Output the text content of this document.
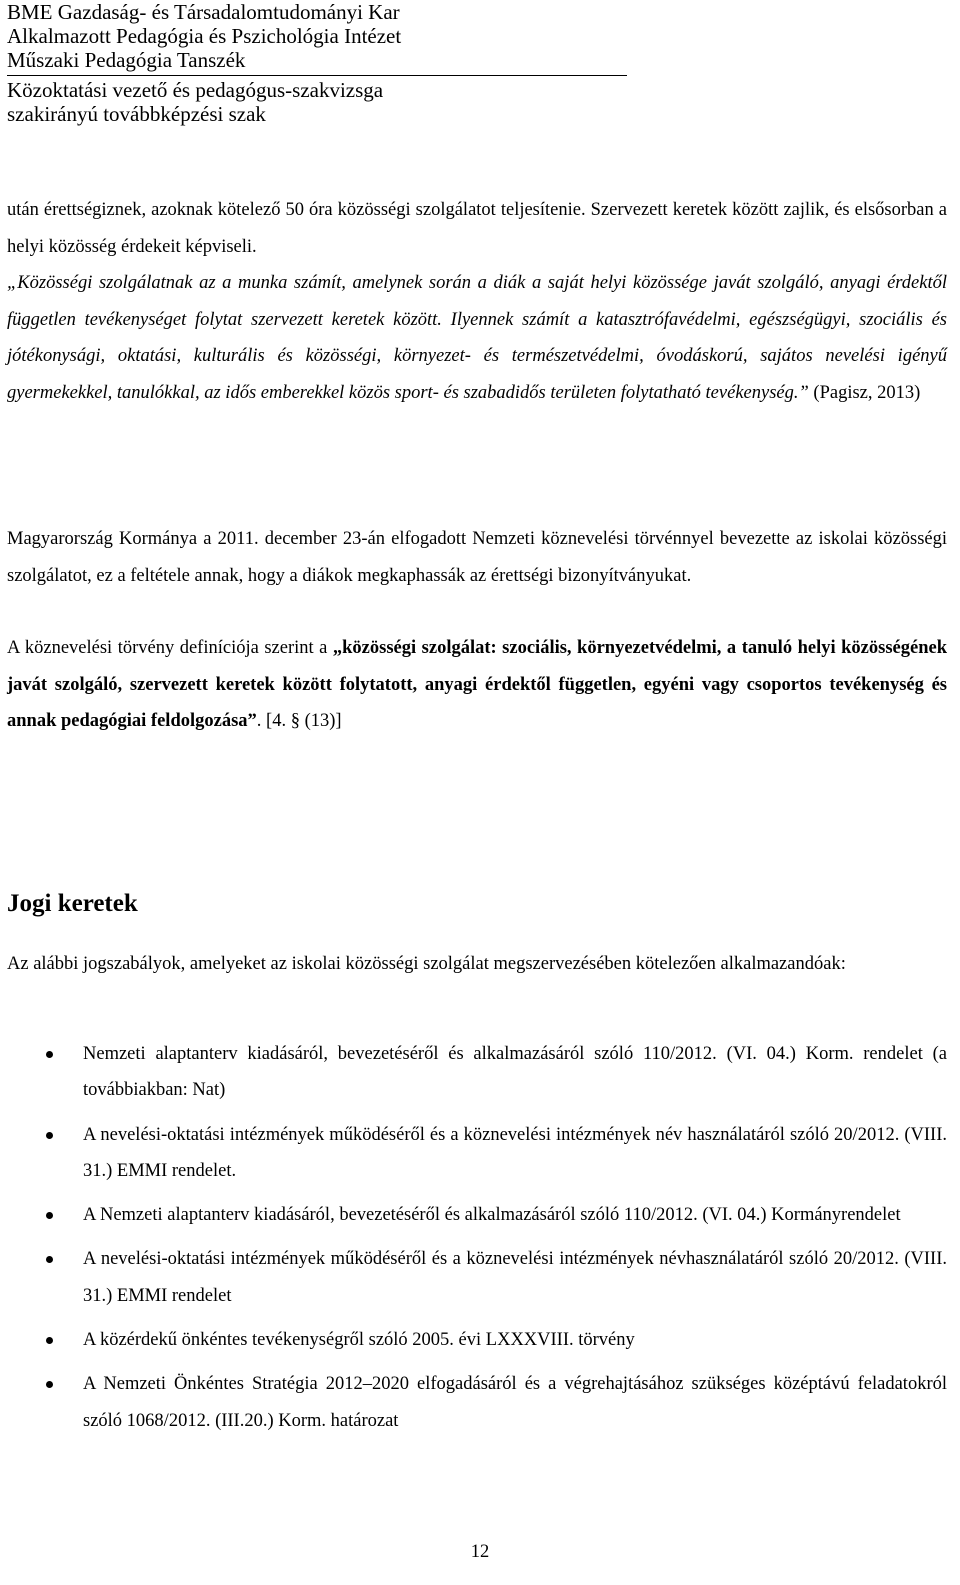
BME Gazdaság- és Társadalomtudományi Kar
Alkalmazott Pedagógia és Pszichológia Intézet
Műszaki Pedagógia Tanszék
Közoktatási vezető és pedagógus-szakvizsga
szakirányú továbbképzési szak
után érettségiznek, azoknak kötelező 50 óra közösségi szolgálatot teljesítenie. Szervezett keretek között zajlik, és elsősorban a helyi közösség érdekeit képviseli.
„Közösségi szolgálatnak az a munka számít, amelynek során a diák a saját helyi közössége javát szolgáló, anyagi érdektől független tevékenységet folytat szervezett keretek között. Ilyennek számít a katasztrófavédelmi, egészségügyi, szociális és jótékonysági, oktatási, kulturális és közösségi, környezet- és természetvédelmi, óvodáskorú, sajátos nevelési igényű gyermekekkel, tanulókkal, az idős emberekkel közös sport- és szabadidős területen folytatható tevékenység.” (Pagisz, 2013)
Magyarország Kormánya a 2011. december 23-án elfogadott Nemzeti köznevelési törvénnyel bevezette az iskolai közösségi szolgálatot, ez a feltétele annak, hogy a diákok megkaphassák az érettségi bizonyítványukat.
A köznevelési törvény definíciója szerint a „közösségi szolgálat: szociális, környezetvédelmi, a tanuló helyi közösségének javát szolgáló, szervezett keretek között folytatott, anyagi érdektől független, egyéni vagy csoportos tevékenység és annak pedagógiai feldolgozása”. [4. § (13)]
Jogi keretek
Az alábbi jogszabályok, amelyeket az iskolai közösségi szolgálat megszervezésében kötelezően alkalmazandóak:
Nemzeti alaptanterv kiadásáról, bevezetéséről és alkalmazásáról szóló 110/2012. (VI. 04.) Korm. rendelet (a továbbiakban: Nat)
A nevelési-oktatási intézmények működéséről és a köznevelési intézmények név használatáról szóló 20/2012. (VIII. 31.) EMMI rendelet.
A Nemzeti alaptanterv kiadásáról, bevezetéséről és alkalmazásáról szóló 110/2012. (VI. 04.) Kormányrendelet
A nevelési-oktatási intézmények működéséről és a köznevelési intézmények névhasználatáról szóló 20/2012. (VIII. 31.) EMMI rendelet
A közérdekű önkéntes tevékenységről szóló 2005. évi LXXXVIII. törvény
A Nemzeti Önkéntes Stratégia 2012–2020 elfogadásáról és a végrehajtásához szükséges középtávú feladatokról szóló 1068/2012. (III.20.) Korm. határozat
12
